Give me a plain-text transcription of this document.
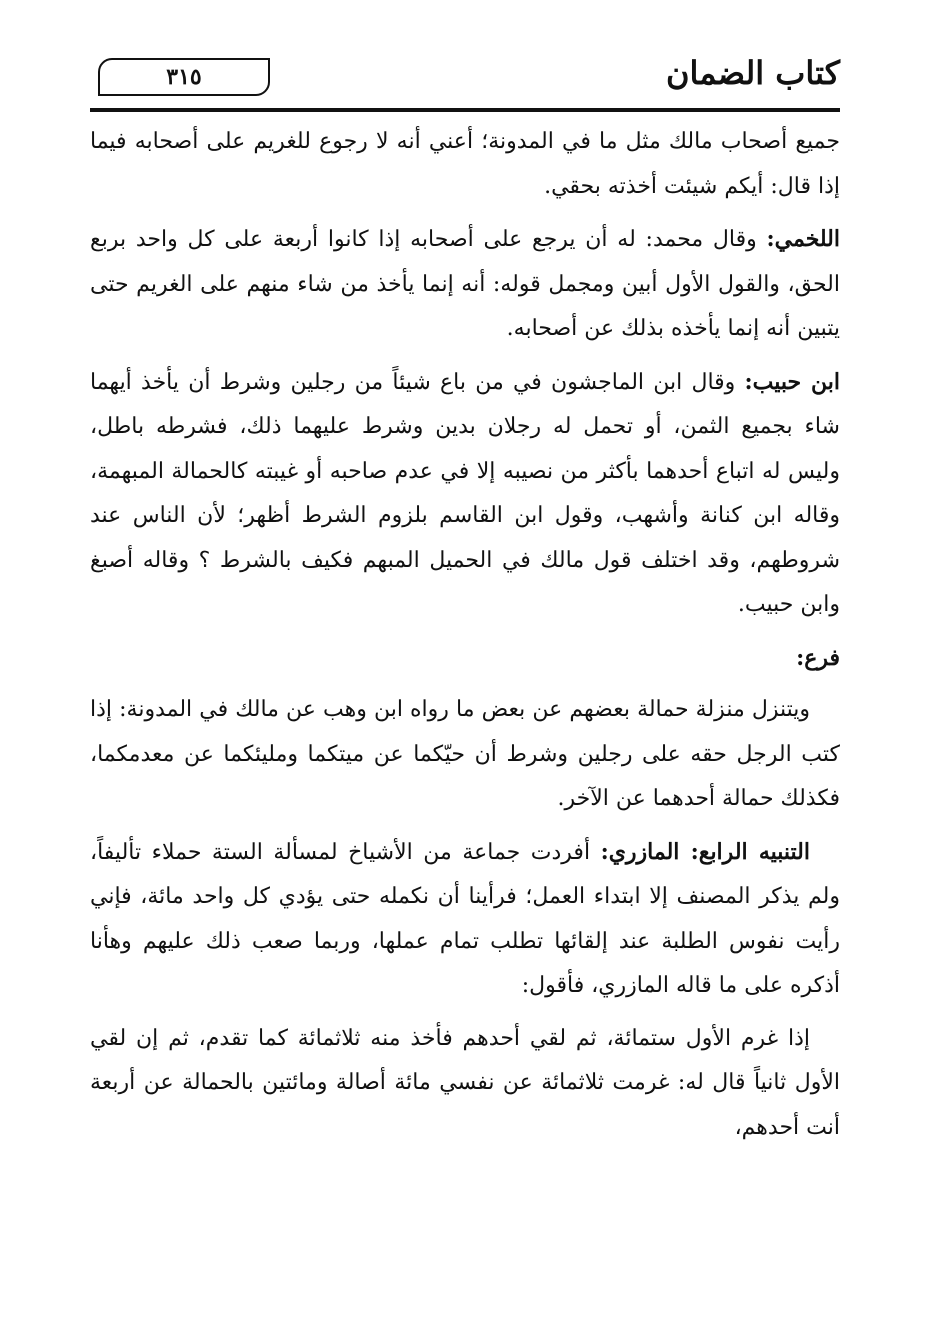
٣١٥	كتاب الضمان

جميع أصحاب مالك مثل ما في المدونة؛ أعني أنه لا رجوع للغريم على أصحابه فيما إذا قال: أيكم شيئت أخذته بحقي.

اللخمي: وقال محمد: له أن يرجع على أصحابه إذا كانوا أربعة على كل واحد بربع الحق، والقول الأول أبين ومجمل قوله: أنه إنما يأخذ من شاء منهم على الغريم حتى يتبين أنه إنما يأخذه بذلك عن أصحابه.

ابن حبيب: وقال ابن الماجشون في من باع شيئاً من رجلين وشرط أن يأخذ أيهما شاء بجميع الثمن، أو تحمل له رجلان بدين وشرط عليهما ذلك، فشرطه باطل، وليس له اتباع أحدهما بأكثر من نصيبه إلا في عدم صاحبه أو غيبته كالحمالة المبهمة، وقاله ابن كنانة وأشهب، وقول ابن القاسم بلزوم الشرط أظهر؛ لأن الناس عند شروطهم، وقد اختلف قول مالك في الحميل المبهم فكيف بالشرط ؟ وقاله أصبغ وابن حبيب.

فرع:

ويتنزل منزلة حمالة بعضهم عن بعض ما رواه ابن وهب عن مالك في المدونة: إذا كتب الرجل حقه على رجلين وشرط أن حيّكما عن ميتكما ومليئكما عن معدمكما، فكذلك حمالة أحدهما عن الآخر.

التنبيه الرابع: المازري: أفردت جماعة من الأشياخ لمسألة الستة حملاء تأليفاً، ولم يذكر المصنف إلا ابتداء العمل؛ فرأينا أن نكمله حتى يؤدي كل واحد مائة، فإني رأيت نفوس الطلبة عند إلقائها تطلب تمام عملها، وربما صعب ذلك عليهم وهأنا أذكره على ما قاله المازري، فأقول:

إذا غرم الأول ستمائة، ثم لقي أحدهم فأخذ منه ثلاثمائة كما تقدم، ثم إن لقي الأول ثانياً قال له: غرمت ثلاثمائة عن نفسي مائة أصالة ومائتين بالحمالة عن أربعة أنت أحدهم،
